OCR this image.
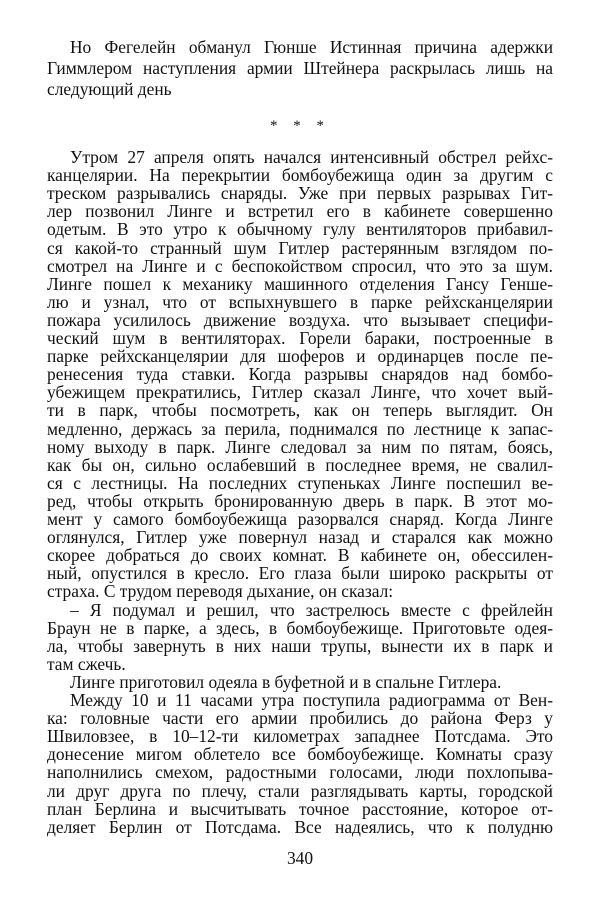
Но Фегелейн обманул Гюнше Истинная причина адержки
Гиммлером наступления армии Штейнера раскрылась лишь на
следующий день
* * *
Утром 27 апреля опять начался интенсивный обстрел рейхс-
канцелярии. На перекрытии бомбоубежища один за другим с
треском разрывались снаряды. Уже при первых разрывах Гит-
лер позвонил Линге и встретил его в кабинете совершенно
одетым. В это утро к обычному гулу вентиляторов прибавил-
ся какой-то странный шум Гитлер растерянным взглядом по-
смотрел на Линге и с беспокойством спросил, что это за шум.
Линге пошел к механику машинного отделения Гансу Геншe-
лю и узнал, что от вспыхнувшего в парке рейхсканцелярии
пожара усилилось движение воздуха. что вызывает специфи-
ческий шум в вентиляторах. Горели бараки, построенные в
парке рейхсканцелярии для шоферов и ординарцев после пе-
ренесения туда ставки. Когда разрывы снарядов над бомбо-
убежищем прекратились, Гитлер сказал Линге, что хочет вый-
ти в парк, чтобы посмотреть, как он теперь выглядит. Он
медленно, держась за перила, поднимался по лестнице к запас-
ному выходу в парк. Линге следовал за ним по пятам, боясь,
как бы он, сильно ослабевший в последнее время, не свалил-
ся с лестницы. На последних ступеньках Линге поспешил ве-
ред, чтобы открыть бронированную дверь в парк. В этот мо-
мент у самого бомбоубежища разорвался снаряд. Когда Линге
оглянулся, Гитлер уже повернул назад и старался как можно
скорее добраться до своих комнат. В кабинете он, обессилен-
ный, опустился в кресло. Его глаза были широко раскрыты от
страха. С трудом переводя дыхание, он сказал:
– Я подумал и решил, что застрелюсь вместе с фрейлейн
Браун не в парке, а здесь, в бомбоубежище. Приготовьте одея-
ла, чтобы завернуть в них наши трупы, вынести их в парк и
там сжечь.
Линге приготовил одеяла в буфетной и в спальне Гитлера.
Между 10 и 11 часами утра поступила радиограмма от Вен-
ка: головные части его армии пробились до района Ферз у
Швиловзее, в 10–12-ти километрах западнее Потсдама. Это
донесение мигом облетело все бомбоубежище. Комнаты сразу
наполнились смехом, радостными голосами, люди похлопыва-
ли друг друга по плечу, стали разглядывать карты, городской
план Берлина и высчитывать точное расстояние, которое от-
деляет Берлин от Потсдама. Все надеялись, что к полудню
340
